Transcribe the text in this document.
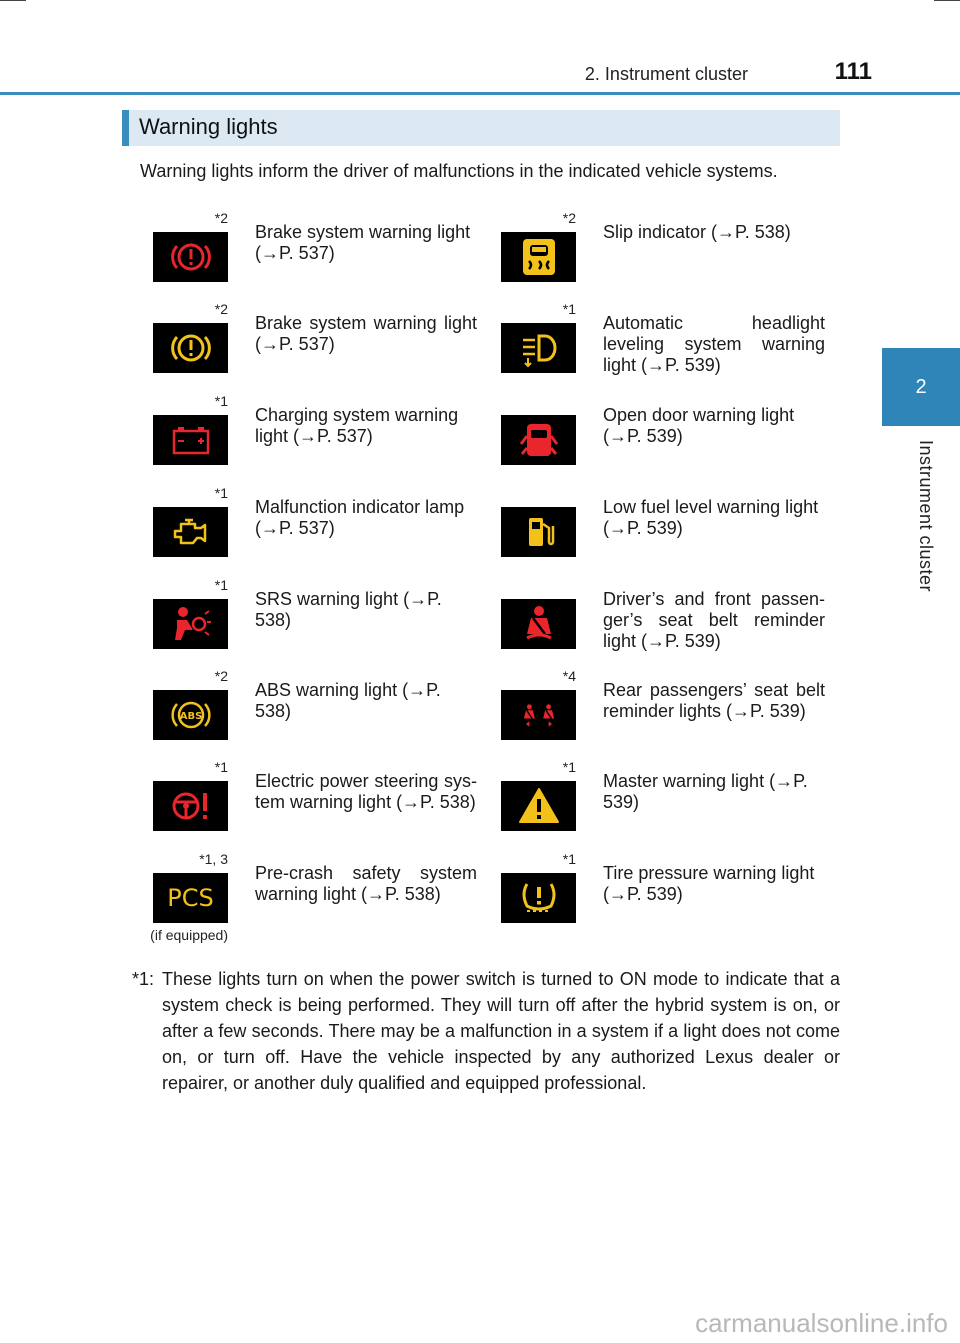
2. Instrument cluster	111
2
Instrument cluster
Warning lights
Warning lights inform the driver of malfunctions in the indicated vehicle systems.
*2
Brake system warning light (→P. 537)
*2
Slip indicator (→P. 538)
*2
Brake system warning light (→P. 537)
*1
Automatic headlight leveling system warning light (→P. 539)
*1
Charging system warning light (→P. 537)
Open door warning light (→P. 539)
*1
Malfunction indicator lamp (→P. 537)
Low fuel level warning light (→P. 539)
*1
SRS warning light (→P. 538)
Driver’s and front passen-ger’s seat belt reminder light (→P. 539)
*2
ABS
ABS warning light (→P. 538)
*4
Rear passengers’ seat belt reminder lights (→P. 539)
*1
Electric power steering sys-tem warning light (→P. 538)
*1
Master warning light (→P. 539)
*1, 3
PCS
(if equipped)
Pre-crash safety system warning light (→P. 538)
*1
Tire pressure warning light (→P. 539)
*1: These lights turn on when the power switch is turned to ON mode to indicate that a system check is being performed. They will turn off after the hybrid system is on, or after a few seconds. There may be a malfunction in a system if a light does not come on, or turn off. Have the vehicle inspected by any authorized Lexus dealer or repairer, or another duly qualified and equipped professional.
carmanualsonline.info
